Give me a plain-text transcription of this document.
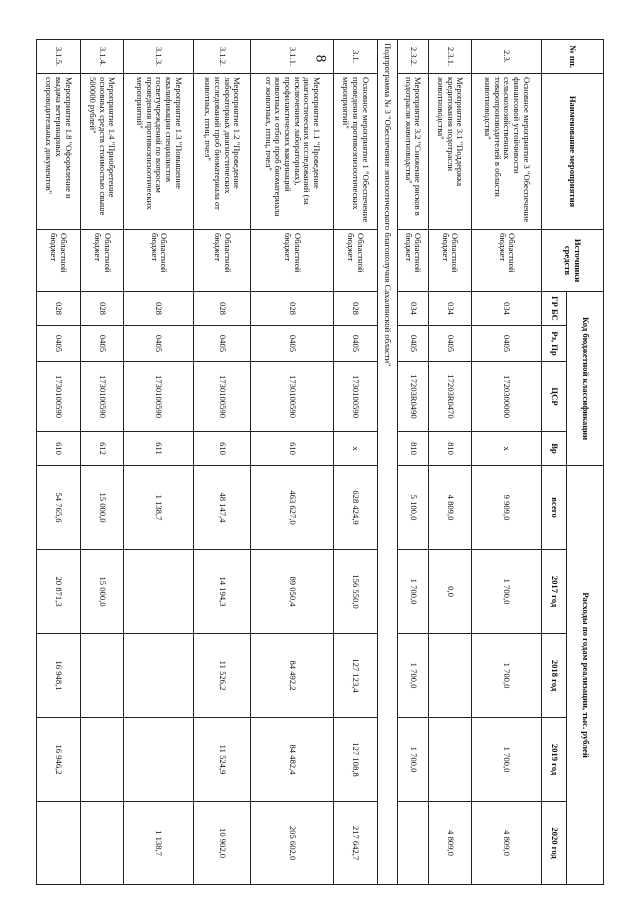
8	№ пп.	Наименование мероприятия	Источники средств	Код бюджетной классификации				Расходы по годам реализации, тыс. рублей				
			ГР БС	Рз, Пр	ЦСР	Вр	всего	2017 год	2018 год	2019 год	2020 год
2.3.	Основное мероприятие 3 "Обеспечение финансовой устойчивости сельскохозяйственных товаропроизводителей в области животноводства"	Областной бюджет	034	0405	1720300000	х	9 909,0	1 700,0	1 700,0	1 700,0	4 809,0
2.3.1.	Мероприятие 3.1 "Поддержка кредитования подотрасли животноводства"	Областной бюджет	034	0405	17203R0470	810	4 809,0	0,0			4 809,0
2.3.2.	Мероприятие 3.2 "Снижение рисков в подотрасли животноводства"	Областной бюджет	034	0405	17203R0490	810	5 100,0	1 700,0	1 700,0	1 700,0	
Подпрограмма № 3 "Обеспечение эпизоотического благополучия Сахалинской области"											
3.1.	Основное мероприятие 1 "Обеспечение проведения противоэпизоотических мероприятий"	Областной бюджет	028	0405	1730100590	х	628 424,9	156 550,0	127 123,4	127 108,8	217 642,7
3.1.1.	Мероприятие 1.1 "Проведение диагностических исследований (за исключением лабораторных), профилактических вакцинаций животных и отбор проб биоматериала от животных, птиц, пчел"	Областной бюджет	028	0405	1730100590	610	463 627,0	89 050,4	84 492,2	84 482,4	205 602,0
3.1.2.	Мероприятие 1.2 "Проведение лабораторных диагностических исследований проб биоматериала от животных, птиц, пчел"	Областной бюджет	028	0405	1730100590	610	48 147,4	14 194,3	11 526,2	11 524,9	10 902,0
3.1.3.	Мероприятие 1.3 "Повышение квалификации специалистов госветучреждений по вопросам проведения противоэпизоотических мероприятий"	Областной бюджет	028	0405	1730100590	611	1 138,7				1 138,7
3.1.4.	Мероприятие 1.4 "Приобретение основных средств стоимостью свыше 500000 рублей"	Областной бюджет	028	0405	1730100590	612	15 000,0	15 000,0			
3.1.5.	Мероприятие 1.8 "Оформление и выдача ветеринарных сопроводительных документов"	Областной бюджет	028	0405	1730100590	610	54 765,6	20 871,3	16 948,1	16 946,2	
